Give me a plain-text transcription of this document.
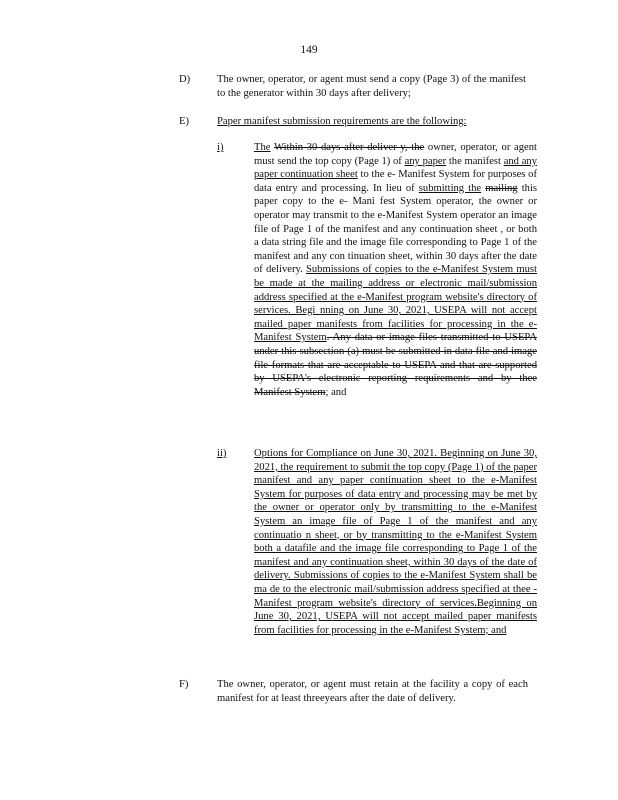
149
D)	The owner, operator, or agent must send a copy (Page 3) of the manifest to the generator within 30 days after delivery;
E)	Paper manifest submission requirements are the following:
i)	The Within 30 days after deliver y, the owner, operator, or agent must send the top copy (Page 1) of any paper the manifest and any paper continuation sheet to the e- Manifest System for purposes of data entry and processing. In lieu of submitting the mailing this paper copy to the e- Mani fest System operator, the owner or operator may transmit to the e-Manifest System operator an image file of Page 1 of the manifest and any continuation sheet , or both a data string file and the image file corresponding to Page 1 of the manifest and any con tinuation sheet, within 30 days after the date of delivery. Submissions of copies to the e-Manifest System must be made at the mailing address or electronic mail/submission address specified at the e-Manifest program website's directory of services. Begi nning on June 30, 2021, USEPA will not accept mailed paper manifests from facilities for processing in the e-Manifest System. Any data or image files transmitted to USEPA under this subsection (a) must be submitted in data file and image file formats that are acceptable to USEPA and that are supported by USEPA's electronic reporting requirements and by thee Manifest System; and
ii)	Options for Compliance on June 30, 2021. Beginning on June 30, 2021, the requirement to submit the top copy (Page 1) of the paper manifest and any paper continuation sheet to the e-Manifest System for purposes of data entry and processing may be met by the owner or operator only by transmitting to the e-Manifest System an image file of Page 1 of the manifest and any continuatio n sheet, or by transmitting to the e-Manifest System both a datafile and the image file corresponding to Page 1 of the manifest and any continuation sheet, within 30 days of the date of delivery. Submissions of copies to the e-Manifest System shall be ma de to the electronic mail/submission address specified at thee -Manifest program website's directory of services.Beginning on June 30, 2021, USEPA will not accept mailed paper manifests from facilities for processing in the e-Manifest System; and
F)	The owner, operator, or agent must retain at the facility a copy of each manifest for at least threeyears after the date of delivery.
